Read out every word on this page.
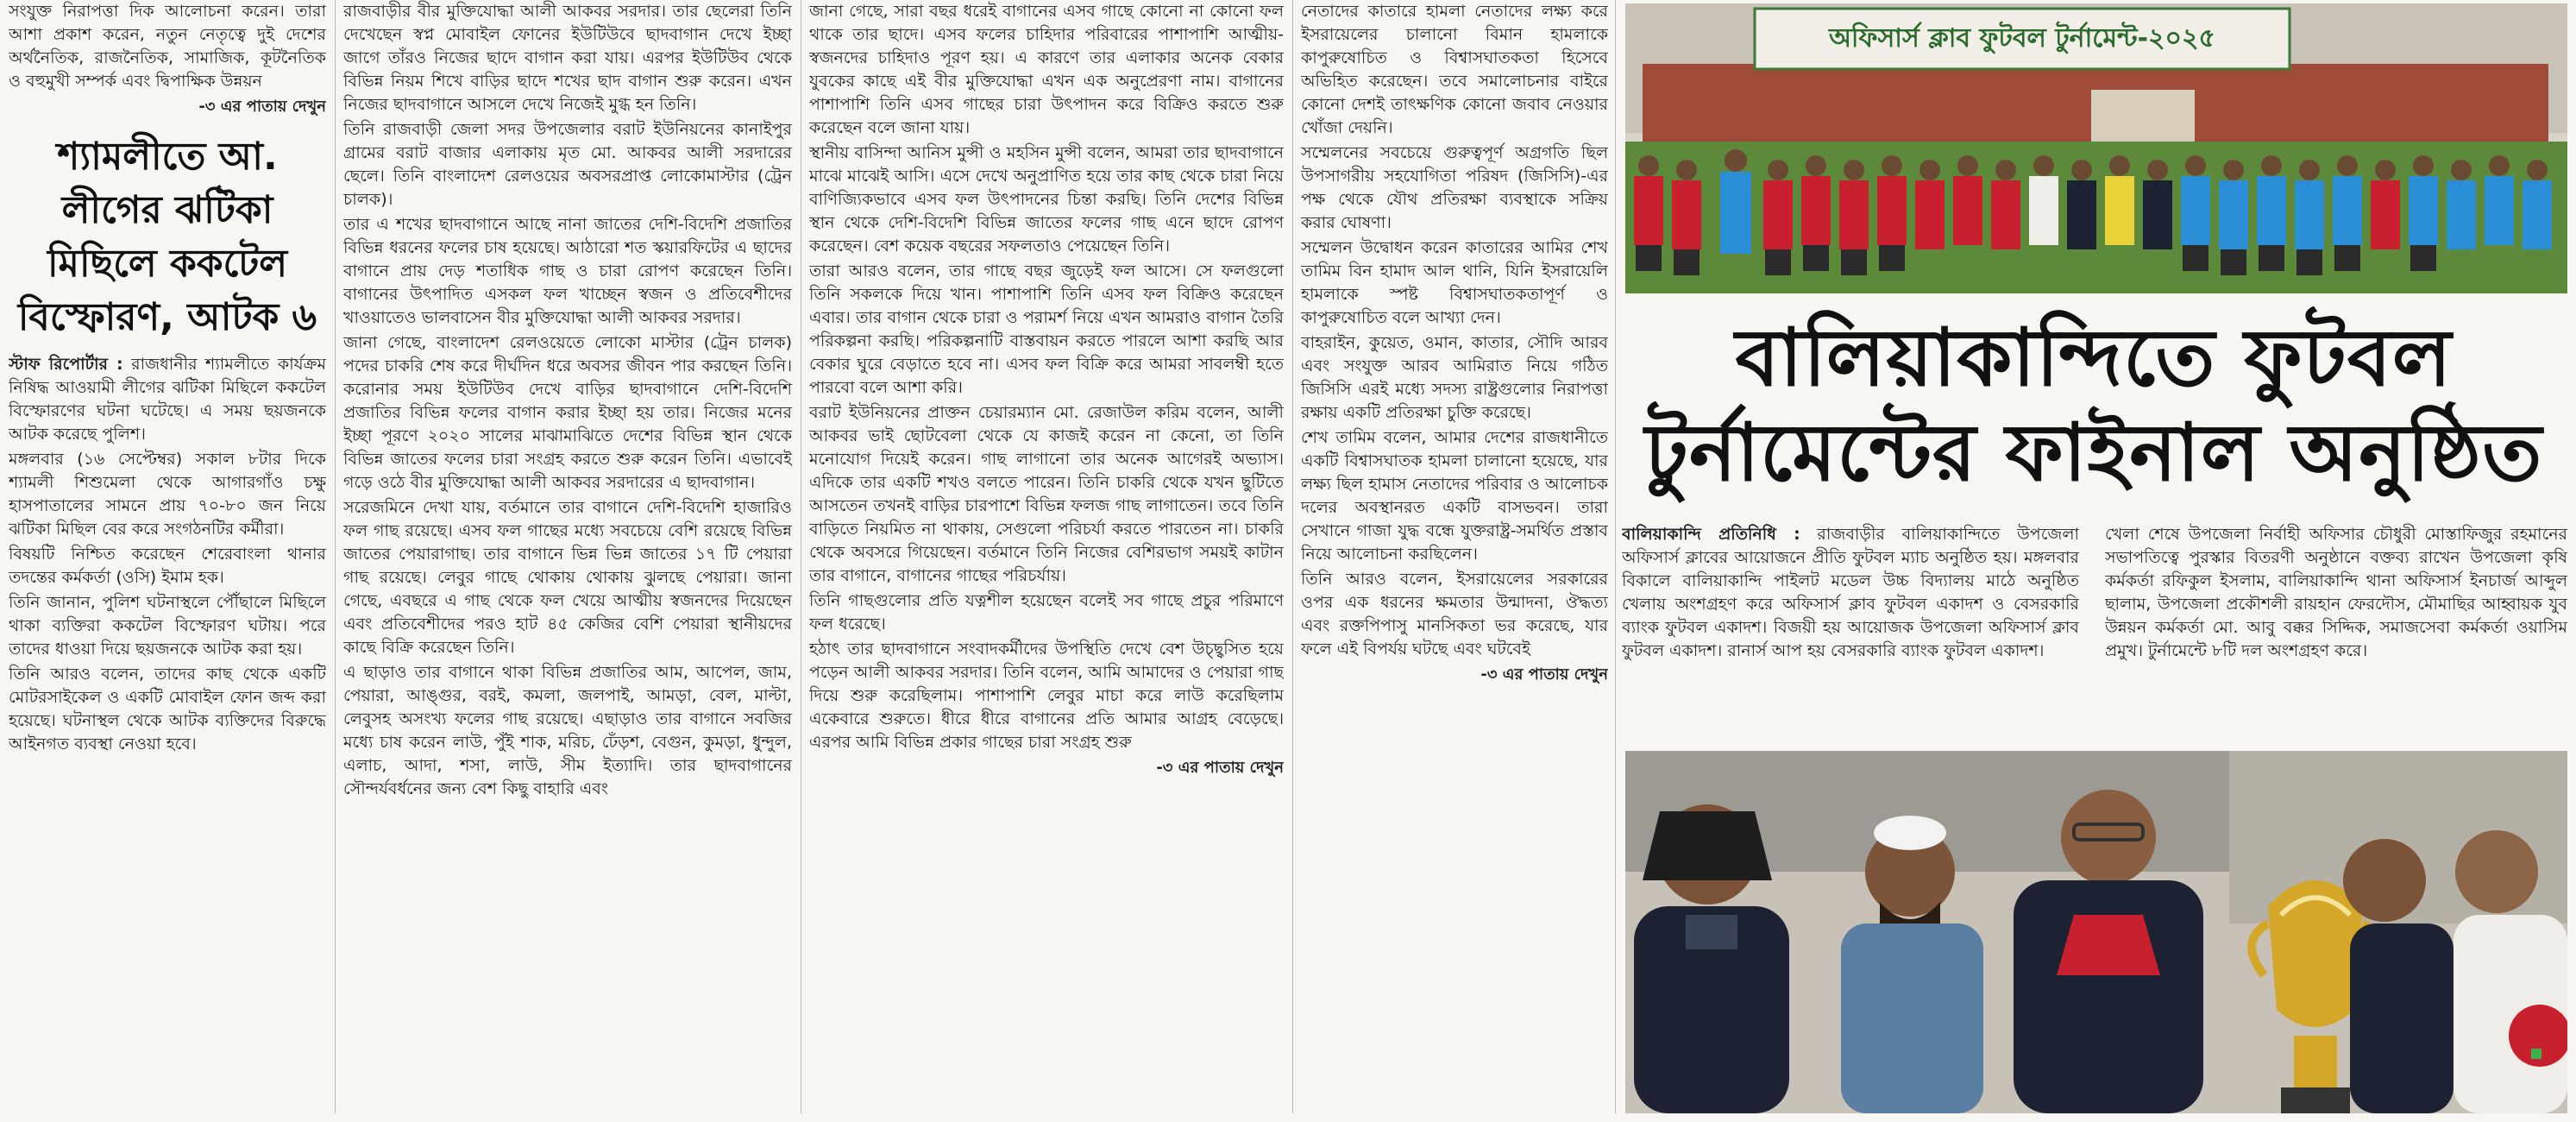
সংযুক্ত নিরাপত্তা দিক আলোচনা করেন। তারা আশা প্রকাশ করেন, নতুন নেতৃত্বে দুই দেশের অর্থনৈতিক, রাজনৈতিক, সামাজিক, কূটনৈতিক ও বহুমুখী সম্পর্ক এবং দ্বিপাক্ষিক উন্নয়ন

-৩ এর পাতায় দেখুন
শ্যামলীতে আ. লীগের ঝটিকা মিছিলে ককটেল বিস্ফোরণ, আটক ৬

স্টাফ রিপোর্টার : রাজধানীর শ্যামলীতে কার্যক্রম নিষিদ্ধ আওয়ামী লীগের ঝটিকা মিছিলে ককটেল বিস্ফোরণের ঘটনা ঘটেছে। এ সময় ছয়জনকে আটক করেছে পুলিশ।

মঙ্গলবার (১৬ সেপ্টেম্বর) সকাল ৮টার দিকে শ্যামলী শিশুমেলা থেকে আগারগাঁও চক্ষু হাসপাতালের সামনে প্রায় ৭০-৮০ জন নিয়ে ঝটিকা মিছিল বের করে সংগঠনটির কর্মীরা।

বিষয়টি নিশ্চিত করেছেন শেরেবাংলা থানার তদন্তের কর্মকর্তা (ওসি) ইমাম হক।

তিনি জানান, পুলিশ ঘটনাস্থলে পৌঁছালে মিছিলে থাকা ব্যক্তিরা ককটেল বিস্ফোরণ ঘটায়। পরে তাদের ধাওয়া দিয়ে ছয়জনকে আটক করা হয়।

তিনি আরও বলেন, তাদের কাছ থেকে একটি মোটরসাইকেল ও একটি মোবাইল ফোন জব্দ করা হয়েছে। ঘটনাস্থল থেকে আটক ব্যক্তিদের বিরুদ্ধে আইনগত ব্যবস্থা নেওয়া হবে।

রাজবাড়ীর বীর মুক্তিযোদ্ধা আলী আকবর সরদার। তার ছেলেরা তিনি দেখেছেন স্বপ্ন মোবাইল ফোনের ইউটিউবে ছাদবাগান দেখে ইচ্ছা জাগে তাঁরও নিজের ছাদে বাগান করা যায়। এরপর ইউটিউব থেকে বিভিন্ন নিয়ম শিখে বাড়ির ছাদে শখের ছাদ বাগান শুরু করেন। এখন নিজের ছাদবাগানে আসলে দেখে নিজেই মুগ্ধ হন তিনি।

তিনি রাজবাড়ী জেলা সদর উপজেলার বরাট ইউনিয়নের কানাইপুর গ্রামের বরাট বাজার এলাকায় মৃত মো. আকবর আলী সরদারের ছেলে। তিনি বাংলাদেশ রেলওয়ের অবসরপ্রাপ্ত লোকোমাস্টার (ট্রেন চালক)।

তার এ শখের ছাদবাগানে আছে নানা জাতের দেশি-বিদেশি প্রজাতির বিভিন্ন ধরনের ফলের চাষ হয়েছে। আঠারো শত স্কয়ারফিটের এ ছাদের বাগানে প্রায় দেড় শতাধিক গাছ ও চারা রোপণ করেছেন তিনি। বাগানের উৎপাদিত এসকল ফল খাচ্ছেন স্বজন ও প্রতিবেশীদের খাওয়াতেও ভালবাসেন বীর মুক্তিযোদ্ধা আলী আকবর সরদার।

জানা গেছে, বাংলাদেশ রেলওয়েতে লোকো মাস্টার (ট্রেন চালক) পদের চাকরি শেষ করে দীর্ঘদিন ধরে অবসর জীবন পার করছেন তিনি। করোনার সময় ইউটিউব দেখে বাড়ির ছাদবাগানে দেশি-বিদেশি প্রজাতির বিভিন্ন ফলের বাগান করার ইচ্ছা হয় তার। নিজের মনের ইচ্ছা পূরণে ২০২০ সালের মাঝামাঝিতে দেশের বিভিন্ন স্থান থেকে বিভিন্ন জাতের ফলের চারা সংগ্রহ করতে শুরু করেন তিনি। এভাবেই গড়ে ওঠে বীর মুক্তিযোদ্ধা আলী আকবর সরদারের এ ছাদবাগান।

সরেজমিনে দেখা যায়, বর্তমানে তার বাগানে দেশি-বিদেশি হাজারিও ফল গাছ রয়েছে। এসব ফল গাছের মধ্যে সবচেয়ে বেশি রয়েছে বিভিন্ন জাতের পেয়ারাগাছ। তার বাগানে ভিন্ন ভিন্ন জাতের ১৭ টি পেয়ারা গাছ রয়েছে। লেবুর গাছে থোকায় থোকায় ঝুলছে পেয়ারা। জানা গেছে, এবছরে এ গাছ থেকে ফল খেয়ে আত্মীয় স্বজনদের দিয়েছেন এবং প্রতিবেশীদের পরও হাট ৪৫ কেজির বেশি পেয়ারা স্থানীয়দের কাছে বিক্রি করেছেন তিনি।

এ ছাড়াও তার বাগানে থাকা বিভিন্ন প্রজাতির আম, আপেল, জাম, পেয়ারা, আঙ্গুর, বরই, কমলা, জলপাই, আমড়া, বেল, মাল্টা, লেবুসহ অসংখ্য ফলের গাছ রয়েছে। এছাড়াও তার বাগানে সবজির মধ্যে চাষ করেন লাউ, পুঁই শাক, মরিচ, ঢেঁড়শ, বেগুন, কুমড়া, ধুন্দুল, এলাচ, আদা, শসা, লাউ, সীম ইত্যাদি। তার ছাদবাগানের সৌন্দর্যবর্ধনের জন্য বেশ কিছু বাহারি এবং

জানা গেছে, সারা বছর ধরেই বাগানের এসব গাছে কোনো না কোনো ফল থাকে তার ছাদে। এসব ফলের চাহিদার পরিবারের পাশাপাশি আত্মীয়-স্বজনদের চাহিদাও পূরণ হয়। এ কারণে তার এলাকার অনেক বেকার যুবকের কাছে এই বীর মুক্তিযোদ্ধা এখন এক অনুপ্রেরণা নাম। বাগানের পাশাপাশি তিনি এসব গাছের চারা উৎপাদন করে বিক্রিও করতে শুরু করেছেন বলে জানা যায়।

স্থানীয় বাসিন্দা আনিস মুন্সী ও মহসিন মুন্সী বলেন, আমরা তার ছাদবাগানে মাঝে মাঝেই আসি। এসে দেখে অনুপ্রাণিত হয়ে তার কাছ থেকে চারা নিয়ে বাণিজ্যিকভাবে এসব ফল উৎপাদনের চিন্তা করছি। তিনি দেশের বিভিন্ন স্থান থেকে দেশি-বিদেশি বিভিন্ন জাতের ফলের গাছ এনে ছাদে রোপণ করেছেন। বেশ কয়েক বছরের সফলতাও পেয়েছেন তিনি।

তারা আরও বলেন, তার গাছে বছর জুড়েই ফল আসে। সে ফলগুলো তিনি সকলকে দিয়ে খান। পাশাপাশি তিনি এসব ফল বিক্রিও করেছেন এবার। তার বাগান থেকে চারা ও পরামর্শ নিয়ে এখন আমরাও বাগান তৈরি পরিকল্পনা করছি। পরিকল্পনাটি বাস্তবায়ন করতে পারলে আশা করছি আর বেকার ঘুরে বেড়াতে হবে না। এসব ফল বিক্রি করে আমরা সাবলম্বী হতে পারবো বলে আশা করি।

বরাট ইউনিয়নের প্রাক্তন চেয়ারম্যান মো. রেজাউল করিম বলেন, আলী আকবর ভাই ছোটবেলা থেকে যে কাজই করেন না কেনো, তা তিনি মনোযোগ দিয়েই করেন। গাছ লাগানো তার অনেক আগেরই অভ্যাস। এদিকে তার একটি শখও বলতে পারেন। তিনি চাকরি থেকে যখন ছুটিতে আসতেন তখনই বাড়ির চারপাশে বিভিন্ন ফলজ গাছ লাগাতেন। তবে তিনি বাড়িতে নিয়মিত না থাকায়, সেগুলো পরিচর্যা করতে পারতেন না। চাকরি থেকে অবসরে গিয়েছেন। বর্তমানে তিনি নিজের বেশিরভাগ সময়ই কাটান তার বাগানে, বাগানের গাছের পরিচর্যায়।

তিনি গাছগুলোর প্রতি যত্নশীল হয়েছেন বলেই সব গাছে প্রচুর পরিমাণে ফল ধরেছে।

হঠাৎ তার ছাদবাগানে সংবাদকর্মীদের উপস্থিতি দেখে বেশ উচ্ছ্বসিত হয়ে পড়েন আলী আকবর সরদার। তিনি বলেন, আমি আমাদের ও পেয়ারা গাছ দিয়ে শুরু করেছিলাম। পাশাপাশি লেবুর মাচা করে লাউ করেছিলাম একেবারে শুরুতে। ধীরে ধীরে বাগানের প্রতি আমার আগ্রহ বেড়েছে। এরপর আমি বিভিন্ন প্রকার গাছের চারা সংগ্রহ শুরু

-৩ এর পাতায় দেখুন

নেতাদের কাতারে হামলা নেতাদের লক্ষ্য করে ইসরায়েলের চালানো বিমান হামলাকে কাপুরুষোচিত ও বিশ্বাসঘাতকতা হিসেবে অভিহিত করেছেন। তবে সমালোচনার বাইরে কোনো দেশই তাৎক্ষণিক কোনো জবাব নেওয়ার খোঁজা দেয়নি।

সম্মেলনের সবচেয়ে গুরুত্বপূর্ণ অগ্রগতি ছিল উপসাগরীয় সহযোগিতা পরিষদ (জিসিসি)-এর পক্ষ থেকে যৌথ প্রতিরক্ষা ব্যবস্থাকে সক্রিয় করার ঘোষণা।

সম্মেলন উদ্বোধন করেন কাতারের আমির শেখ তামিম বিন হামাদ আল থানি, যিনি ইসরায়েলি হামলাকে স্পষ্ট বিশ্বাসঘাতকতাপূর্ণ ও কাপুরুষোচিত বলে আখ্যা দেন।

বাহরাইন, কুয়েত, ওমান, কাতার, সৌদি আরব এবং সংযুক্ত আরব আমিরাত নিয়ে গঠিত জিসিসি এরই মধ্যে সদস্য রাষ্ট্রগুলোর নিরাপত্তা রক্ষায় একটি প্রতিরক্ষা চুক্তি করেছে।

শেখ তামিম বলেন, আমার দেশের রাজধানীতে একটি বিশ্বাসঘাতক হামলা চালানো হয়েছে, যার লক্ষ্য ছিল হামাস নেতাদের পরিবার ও আলোচক দলের অবস্থানরত একটি বাসভবন। তারা সেখানে গাজা যুদ্ধ বন্ধে যুক্তরাষ্ট্র-সমর্থিত প্রস্তাব নিয়ে আলোচনা করছিলেন।

তিনি আরও বলেন, ইসরায়েলের সরকারের ওপর এক ধরনের ক্ষমতার উন্মাদনা, ঔদ্ধত্য এবং রক্তপিপাসু মানসিকতা ভর করেছে, যার ফলে এই বিপর্যয় ঘটছে এবং ঘটবেই

-৩ এর পাতায় দেখুন
অফিসার্স ক্লাব ফুটবল টুর্নামেন্ট-২০২৫
বালিয়াকান্দিতে ফুটবল
টুর্নামেন্টের ফাইনাল অনুষ্ঠিত

বালিয়াকান্দি প্রতিনিধি : রাজবাড়ীর বালিয়াকান্দিতে উপজেলা অফিসার্স ক্লাবের আয়োজনে প্রীতি ফুটবল ম্যাচ অনুষ্ঠিত হয়। মঙ্গলবার বিকালে বালিয়াকান্দি পাইলট মডেল উচ্চ বিদ্যালয় মাঠে অনুষ্ঠিত খেলায় অংশগ্রহণ করে অফিসার্স ক্লাব ফুটবল একাদশ ও বেসরকারি ব্যাংক ফুটবল একাদশ। বিজয়ী হয় আয়োজক উপজেলা অফিসার্স ক্লাব ফুটবল একাদশ। রানার্স আপ হয় বেসরকারি ব্যাংক ফুটবল একাদশ।

খেলা শেষে উপজেলা নির্বাহী অফিসার চৌধুরী মোস্তাফিজুর রহমানের সভাপতিত্বে পুরস্কার বিতরণী অনুষ্ঠানে বক্তব্য রাখেন উপজেলা কৃষি কর্মকর্তা রফিকুল ইসলাম, বালিয়াকান্দি থানা অফিসার্স ইনচার্জ আব্দুল ছালাম, উপজেলা প্রকৌশলী রায়হান ফেরদৌস, মৌমাছির আহ্বায়ক যুব উন্নয়ন কর্মকর্তা মো. আবু বক্কর সিদ্দিক, সমাজসেবা কর্মকর্তা ওয়াসিম প্রমুখ। টুর্নামেন্টে ৮টি দল অংশগ্রহণ করে।
